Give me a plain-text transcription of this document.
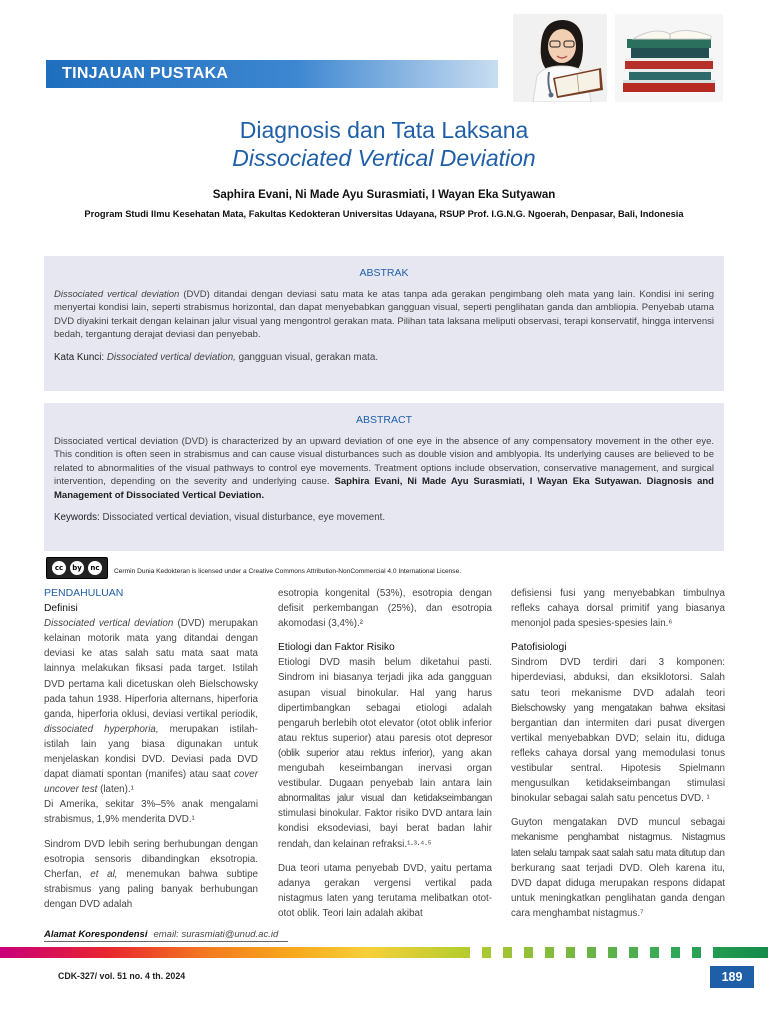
TINJAUAN PUSTAKA
Diagnosis dan Tata Laksana
Dissociated Vertical Deviation
Saphira Evani, Ni Made Ayu Surasmiati, I Wayan Eka Sutyawan
Program Studi Ilmu Kesehatan Mata, Fakultas Kedokteran Universitas Udayana, RSUP Prof. I.G.N.G. Ngoerah, Denpasar, Bali, Indonesia
ABSTRAK

Dissociated vertical deviation (DVD) ditandai dengan deviasi satu mata ke atas tanpa ada gerakan pengimbang oleh mata yang lain. Kondisi ini sering menyertai kondisi lain, seperti strabismus horizontal, dan dapat menyebabkan gangguan visual, seperti penglihatan ganda dan ambliopia. Penyebab utama DVD diyakini terkait dengan kelainan jalur visual yang mengontrol gerakan mata. Pilihan tata laksana meliputi observasi, terapi konservatif, hingga intervensi bedah, tergantung derajat deviasi dan penyebab.

Kata Kunci: Dissociated vertical deviation, gangguan visual, gerakan mata.

ABSTRACT

Dissociated vertical deviation (DVD) is characterized by an upward deviation of one eye in the absence of any compensatory movement in the other eye. This condition is often seen in strabismus and can cause visual disturbances such as double vision and amblyopia. Its underlying causes are believed to be related to abnormalities of the visual pathways to control eye movements. Treatment options include observation, conservative management, and surgical intervention, depending on the severity and underlying cause. Saphira Evani, Ni Made Ayu Surasmiati, I Wayan Eka Sutyawan. Diagnosis and Management of Dissociated Vertical Deviation.

Keywords: Dissociated vertical deviation, visual disturbance, eye movement.

cc	by	nc	Cermin Dunia Kedokteran is licensed under a Creative Commons Attribution-NonCommercial 4.0 International License.
PENDAHULUAN
Definisi

Dissociated vertical deviation (DVD) merupakan kelainan motorik mata yang ditandai dengan deviasi ke atas salah satu mata saat mata lainnya melakukan fiksasi pada target. Istilah DVD pertama kali dicetuskan oleh Bielschowsky pada tahun 1938. Hiperforia alternans, hiperforia ganda, hiperforia oklusi, deviasi vertikal periodik, dissociated hyperphoria, merupakan istilah-istilah lain yang biasa digunakan untuk menjelaskan kondisi DVD. Deviasi pada DVD dapat diamati spontan (manifes) atau saat cover uncover test (laten).¹

Di Amerika, sekitar 3%–5% anak mengalami strabismus, 1,9% menderita DVD.¹

Sindrom DVD lebih sering berhubungan dengan esotropia sensoris dibandingkan eksotropia. Cherfan, et al, menemukan bahwa subtipe strabismus yang paling banyak berhubungan dengan DVD adalah

esotropia kongenital (53%), esotropia dengan defisit perkembangan (25%), dan esotropia akomodasi (3,4%).²

Etiologi dan Faktor Risiko

Etiologi DVD masih belum diketahui pasti. Sindrom ini biasanya terjadi jika ada gangguan asupan visual binokular. Hal yang harus dipertimbangkan sebagai etiologi adalah pengaruh berlebih otot elevator (otot oblik inferior atau rektus superior) atau paresis otot depresor (oblik superior atau rektus inferior), yang akan mengubah keseimbangan inervasi organ vestibular. Dugaan penyebab lain antara lain abnormalitas jalur visual dan ketidakseimbangan stimulasi binokular. Faktor risiko DVD antara lain kondisi eksodeviasi, bayi berat badan lahir rendah, dan kelainan refraksi.¹·³·⁴·⁵

Dua teori utama penyebab DVD, yaitu pertama adanya gerakan vergensi vertikal pada nistagmus laten yang terutama melibatkan otot-otot oblik. Teori lain adalah akibat

defisiensi fusi yang menyebabkan timbulnya refleks cahaya dorsal primitif yang biasanya menonjol pada spesies-spesies lain.⁶

Patofisiologi

Sindrom DVD terdiri dari 3 komponen: hiperdeviasi, abduksi, dan eksiklotorsi. Salah satu teori mekanisme DVD adalah teori Bielschowsky yang mengatakan bahwa eksitasi bergantian dan intermiten dari pusat divergen vertikal menyebabkan DVD; selain itu, diduga refleks cahaya dorsal yang memodulasi tonus vestibular sentral. Hipotesis Spielmann mengusulkan ketidakseimbangan stimulasi binokular sebagai salah satu pencetus DVD. ¹

Guyton mengatakan DVD muncul sebagai mekanisme penghambat nistagmus. Nistagmus laten selalu tampak saat salah satu mata ditutup dan berkurang saat terjadi DVD. Oleh karena itu, DVD dapat diduga merupakan respons didapat untuk meningkatkan penglihatan ganda dengan cara menghambat nistagmus.⁷

Alamat Korespondensi email: surasmiati@unud.ac.id
CDK-327/ vol. 51 no. 4 th. 2024	189
